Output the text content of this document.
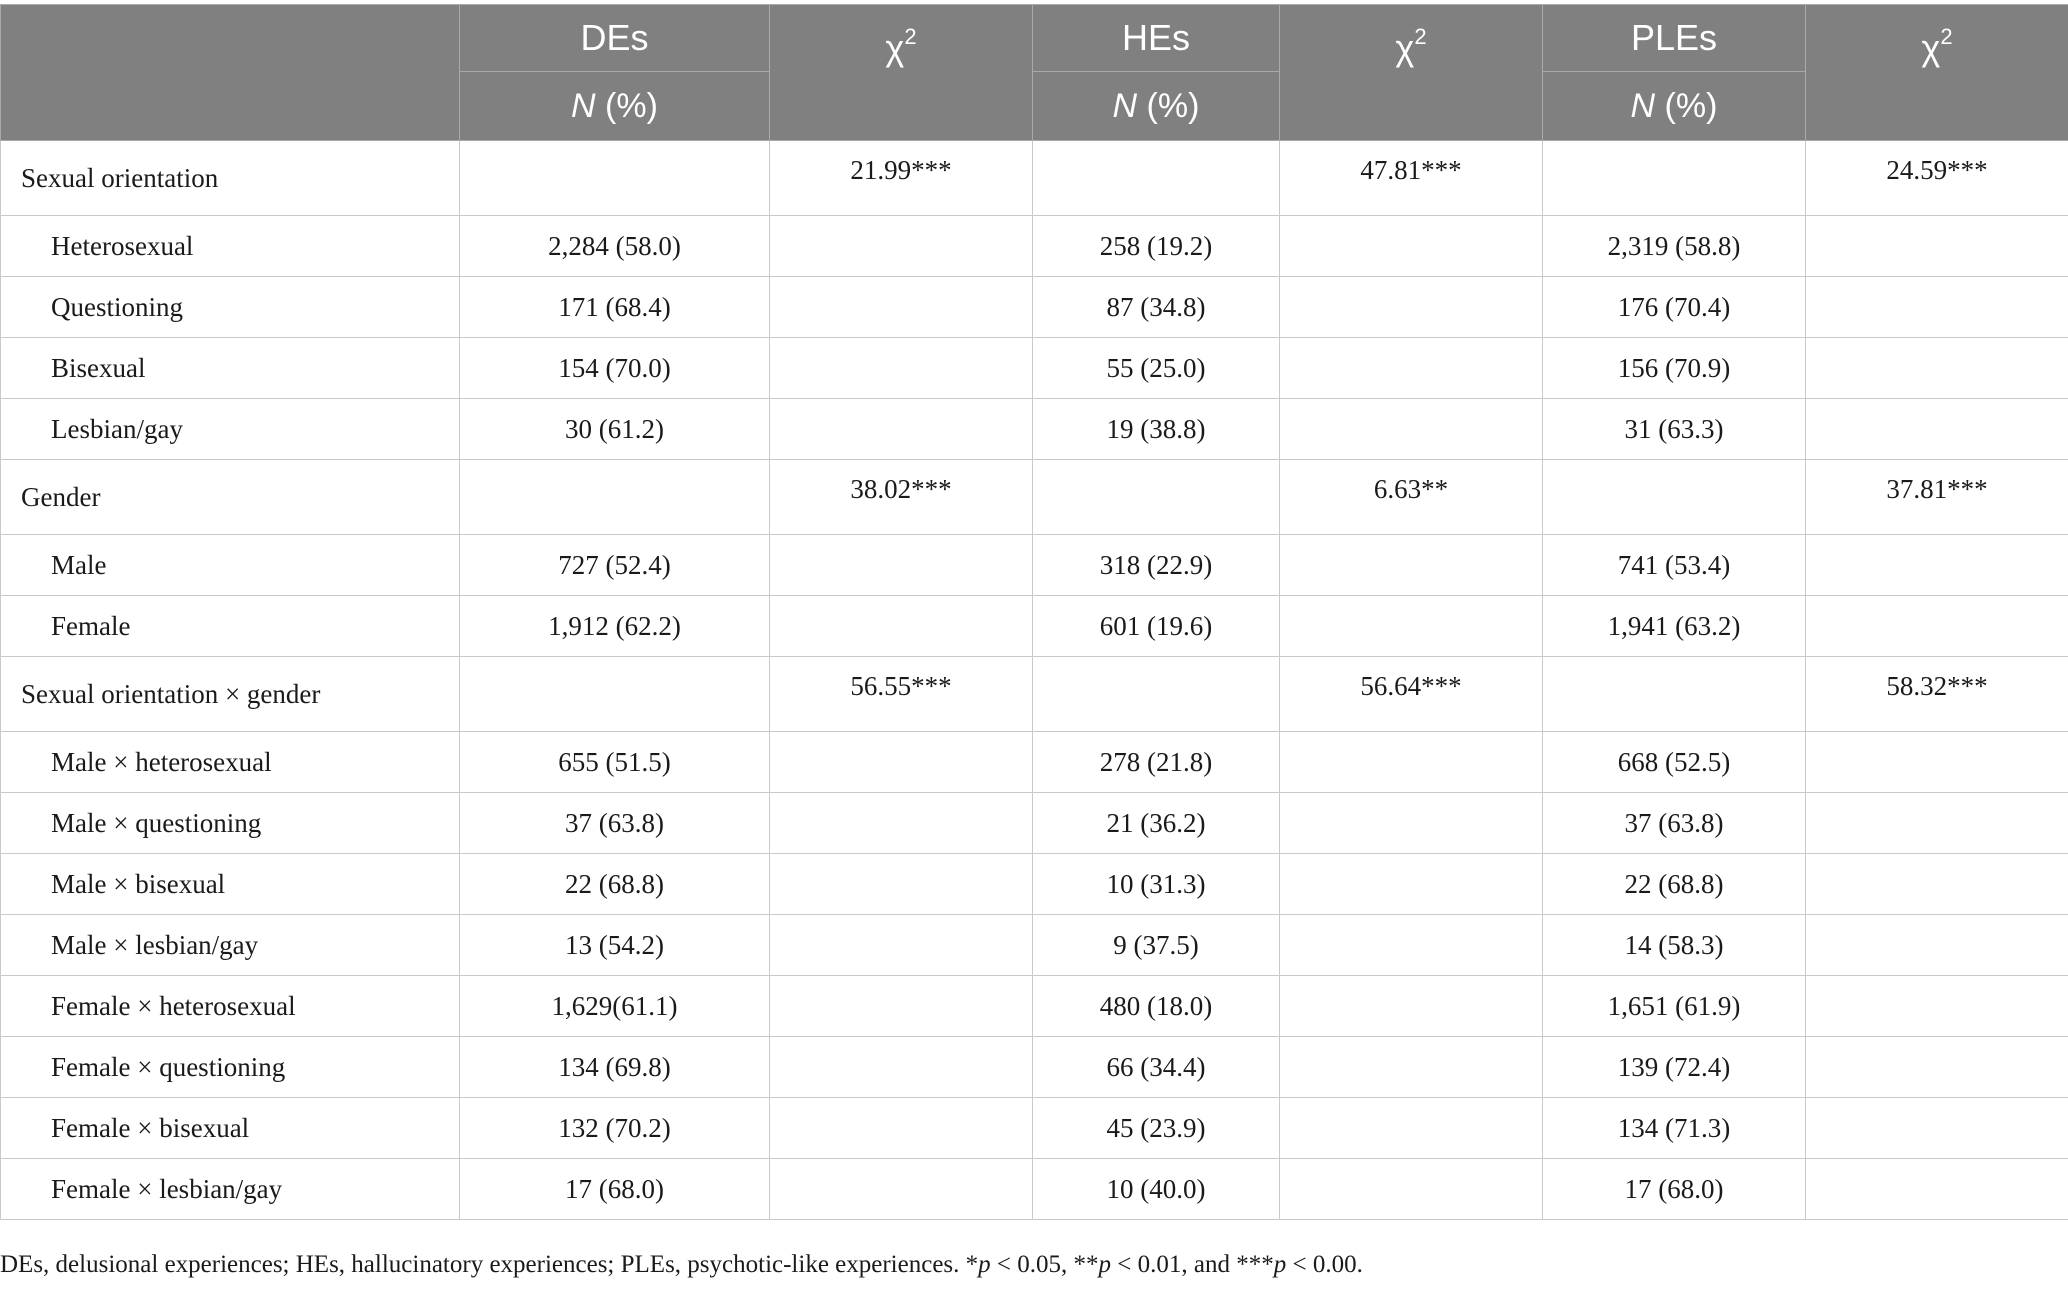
	DEs	$\chi^2$	HEs	$\chi^2$	PLEs	$\chi^2$
	N (%)		N (%)		N (%)	
Sexual orientation		21.99***		47.81***		24.59***
Heterosexual	2,284 (58.0)		258 (19.2)		2,319 (58.8)	
Questioning	171 (68.4)		87 (34.8)		176 (70.4)	
Bisexual	154 (70.0)		55 (25.0)		156 (70.9)	
Lesbian/gay	30 (61.2)		19 (38.8)		31 (63.3)	
Gender		38.02***		6.63**		37.81***
Male	727 (52.4)		318 (22.9)		741 (53.4)	
Female	1,912 (62.2)		601 (19.6)		1,941 (63.2)	
Sexual orientation × gender		56.55***		56.64***		58.32***
Male × heterosexual	655 (51.5)		278 (21.8)		668 (52.5)	
Male × questioning	37 (63.8)		21 (36.2)		37 (63.8)	
Male × bisexual	22 (68.8)		10 (31.3)		22 (68.8)	
Male × lesbian/gay	13 (54.2)		9 (37.5)		14 (58.3)	
Female × heterosexual	1,629(61.1)		480 (18.0)		1,651 (61.9)	
Female × questioning	134 (69.8)		66 (34.4)		139 (72.4)	
Female × bisexual	132 (70.2)		45 (23.9)		134 (71.3)	
Female × lesbian/gay	17 (68.0)		10 (40.0)		17 (68.0)	
DEs, delusional experiences; HEs, hallucinatory experiences; PLEs, psychotic-like experiences. *p < 0.05, **p < 0.01, and ***p < 0.00.
